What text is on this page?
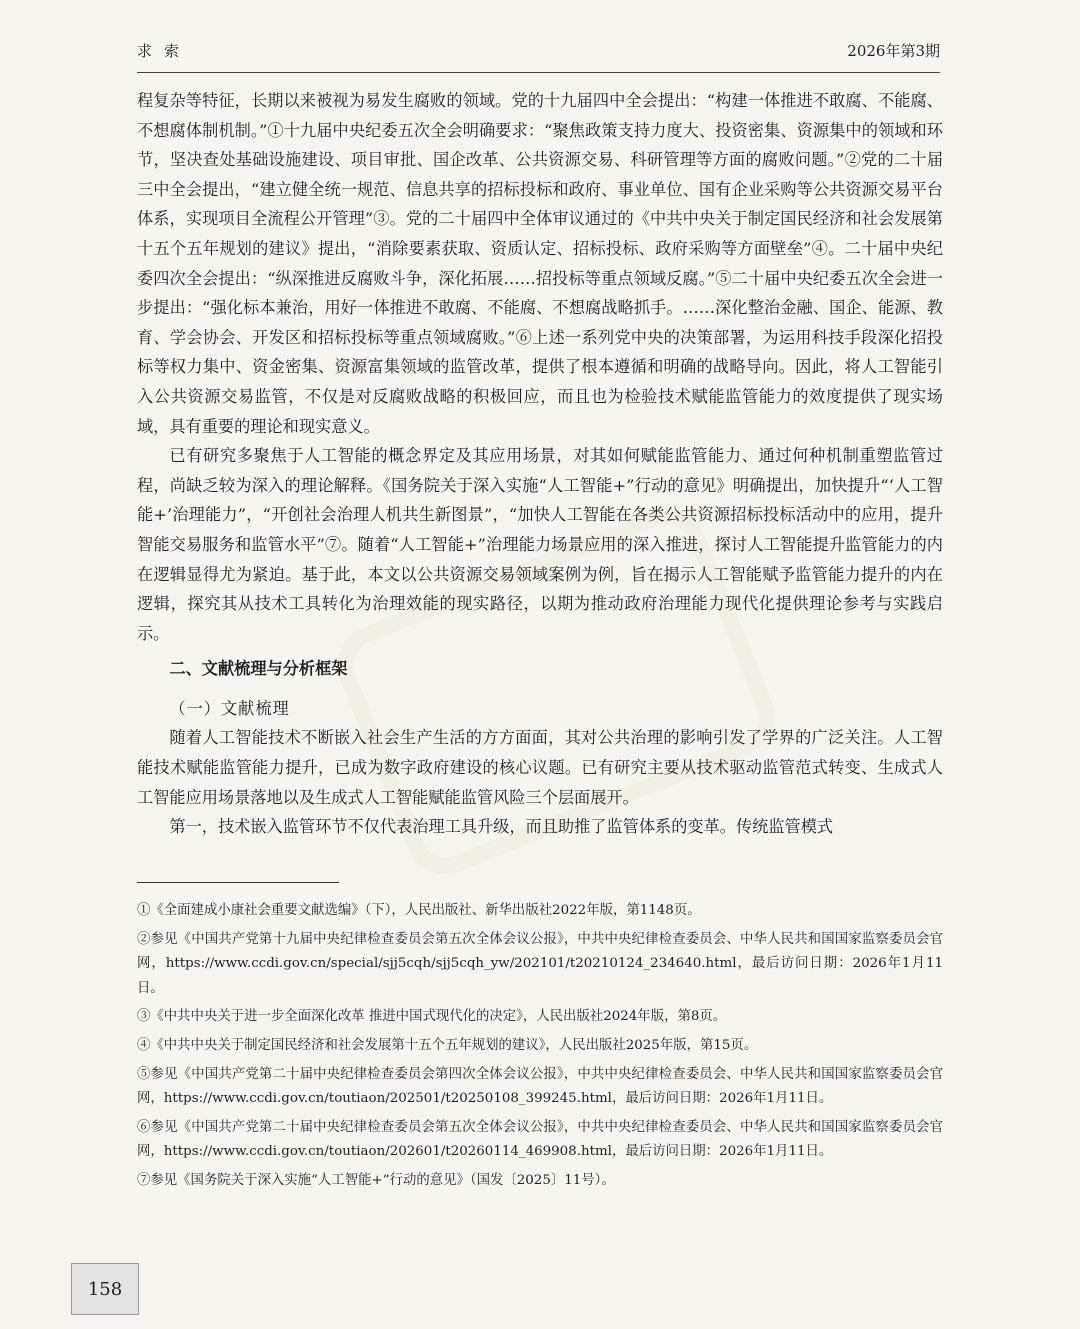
求索	2026年第3期

程复杂等特征，长期以来被视为易发生腐败的领域。党的十九届四中全会提出：“构建一体推进不敢腐、不能腐、不想腐体制机制。”①十九届中央纪委五次全会明确要求：“聚焦政策支持力度大、投资密集、资源集中的领域和环节，坚决查处基础设施建设、项目审批、国企改革、公共资源交易、科研管理等方面的腐败问题。”②党的二十届三中全会提出，“建立健全统一规范、信息共享的招标投标和政府、事业单位、国有企业采购等公共资源交易平台体系，实现项目全流程公开管理”③。党的二十届四中全体审议通过的《中共中央关于制定国民经济和社会发展第十五个五年规划的建议》提出，“消除要素获取、资质认定、招标投标、政府采购等方面壁垒”④。二十届中央纪委四次全会提出：“纵深推进反腐败斗争，深化拓展……招投标等重点领域反腐。”⑤二十届中央纪委五次全会进一步提出：“强化标本兼治，用好一体推进不敢腐、不能腐、不想腐战略抓手。……深化整治金融、国企、能源、教育、学会协会、开发区和招标投标等重点领域腐败。”⑥上述一系列党中央的决策部署，为运用科技手段深化招投标等权力集中、资金密集、资源富集领域的监管改革，提供了根本遵循和明确的战略导向。因此，将人工智能引入公共资源交易监管，不仅是对反腐败战略的积极回应，而且也为检验技术赋能监管能力的效度提供了现实场域，具有重要的理论和现实意义。

已有研究多聚焦于人工智能的概念界定及其应用场景，对其如何赋能监管能力、通过何种机制重塑监管过程，尚缺乏较为深入的理论解释。《国务院关于深入实施“人工智能+”行动的意见》明确提出，加快提升“‘人工智能+’治理能力”，“开创社会治理人机共生新图景”，“加快人工智能在各类公共资源招标投标活动中的应用，提升智能交易服务和监管水平”⑦。随着“人工智能+”治理能力场景应用的深入推进，探讨人工智能提升监管能力的内在逻辑显得尤为紧迫。基于此，本文以公共资源交易领域案例为例，旨在揭示人工智能赋予监管能力提升的内在逻辑，探究其从技术工具转化为治理效能的现实路径，以期为推动政府治理能力现代化提供理论参考与实践启示。

二、文献梳理与分析框架
（一）文献梳理

随着人工智能技术不断嵌入社会生产生活的方方面面，其对公共治理的影响引发了学界的广泛关注。人工智能技术赋能监管能力提升，已成为数字政府建设的核心议题。已有研究主要从技术驱动监管范式转变、生成式人工智能应用场景落地以及生成式人工智能赋能监管风险三个层面展开。

第一，技术嵌入监管环节不仅代表治理工具升级，而且助推了监管体系的变革。传统监管模式

①《全面建成小康社会重要文献选编》（下），人民出版社、新华出版社2022年版，第1148页。

②参见《中国共产党第十九届中央纪律检查委员会第五次全体会议公报》，中共中央纪律检查委员会、中华人民共和国国家监察委员会官网，https://www.ccdi.gov.cn/special/sjj5cqh/sjj5cqh_yw/202101/t20210124_234640.html，最后访问日期：2026年1月11日。

③《中共中央关于进一步全面深化改革 推进中国式现代化的决定》，人民出版社2024年版，第8页。

④《中共中央关于制定国民经济和社会发展第十五个五年规划的建议》，人民出版社2025年版，第15页。

⑤参见《中国共产党第二十届中央纪律检查委员会第四次全体会议公报》，中共中央纪律检查委员会、中华人民共和国国家监察委员会官网，https://www.ccdi.gov.cn/toutiaon/202501/t20250108_399245.html，最后访问日期：2026年1月11日。

⑥参见《中国共产党第二十届中央纪律检查委员会第五次全体会议公报》，中共中央纪律检查委员会、中华人民共和国国家监察委员会官网，https://www.ccdi.gov.cn/toutiaon/202601/t20260114_469908.html，最后访问日期：2026年1月11日。

⑦参见《国务院关于深入实施“人工智能+”行动的意见》（国发〔2025〕11号）。

158
